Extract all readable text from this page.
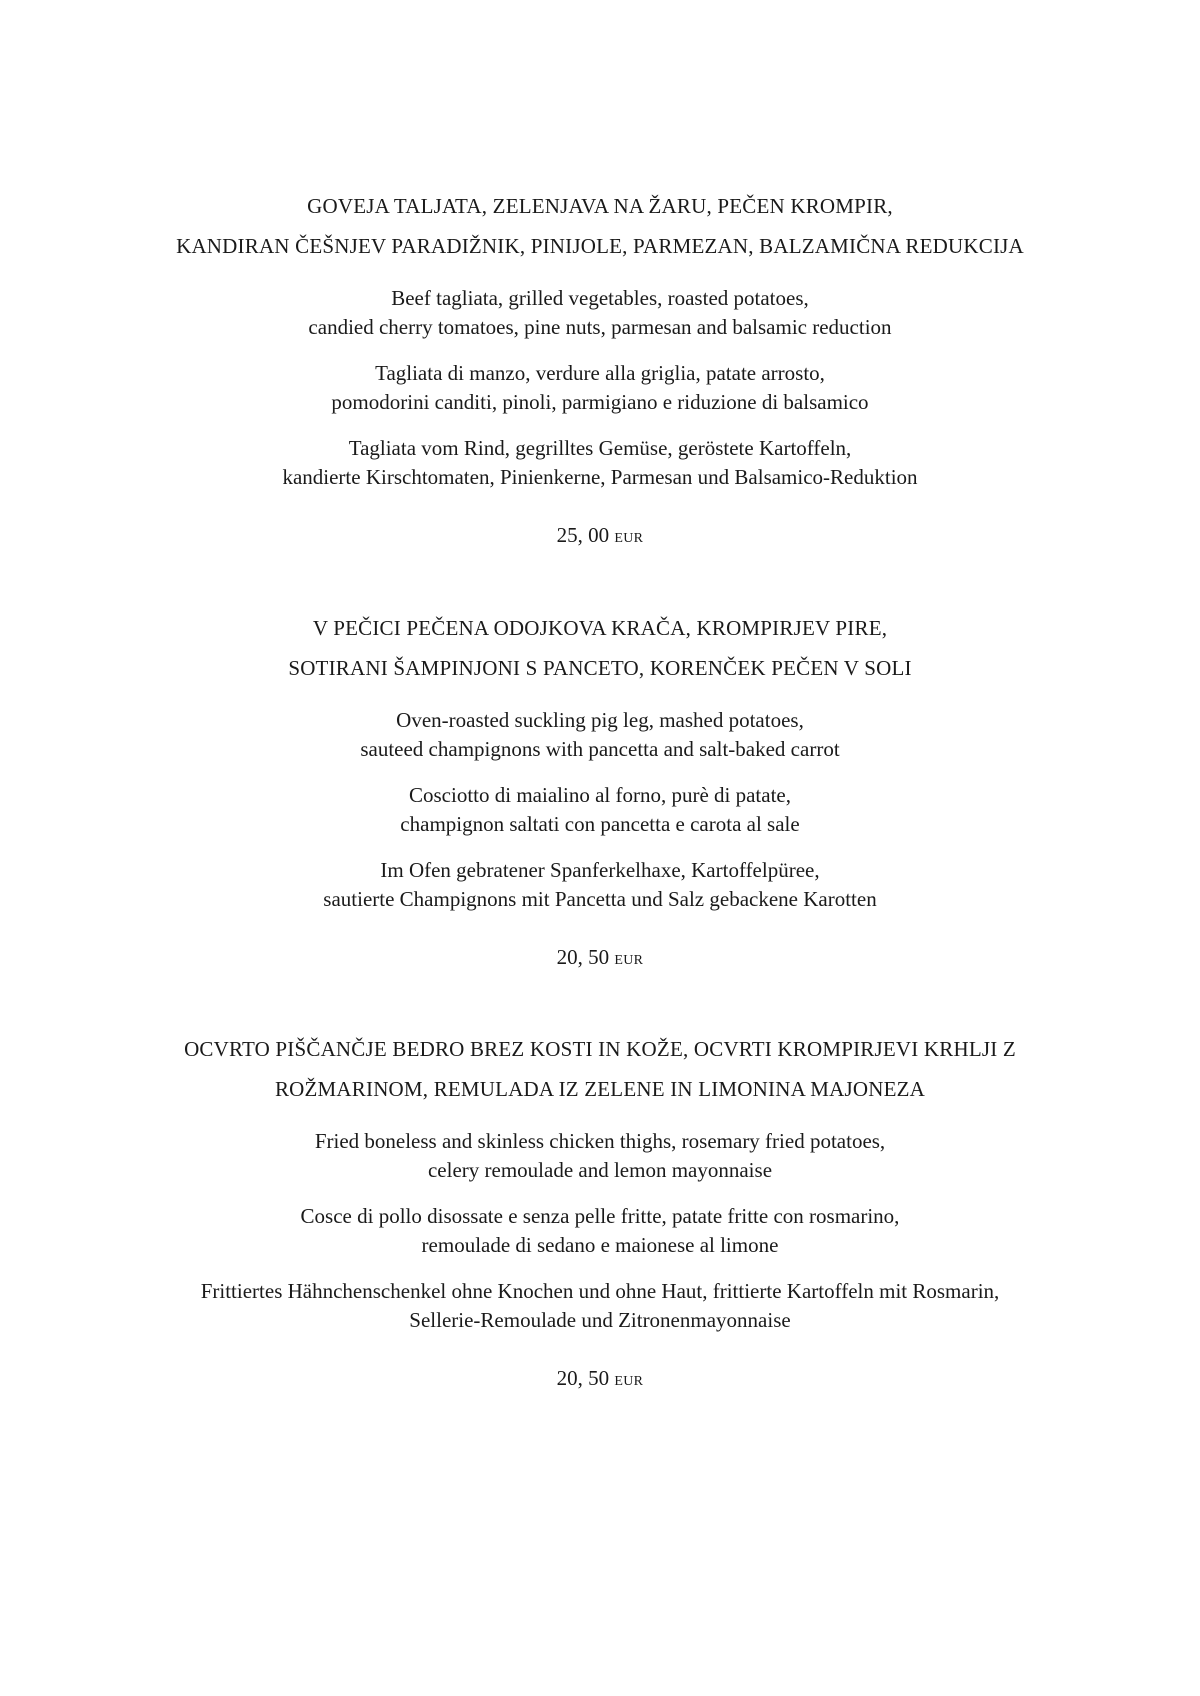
GOVEJA TALJATA, ZELENJAVA NA ŽARU, PEČEN KROMPIR,
KANDIRAN ČEŠNJEV PARADIŽNIK, PINIJOLE, PARMEZAN, BALZAMIČNA REDUKCIJA
Beef tagliata, grilled vegetables, roasted potatoes,
candied cherry tomatoes, pine nuts, parmesan and balsamic reduction
Tagliata di manzo, verdure alla griglia, patate arrosto,
pomodorini canditi, pinoli, parmigiano e riduzione di balsamico
Tagliata vom Rind, gegrilltes Gemüse, geröstete Kartoffeln,
kandierte Kirschtomaten, Pinienkerne, Parmesan und Balsamico-Reduktion
25, 00 EUR
V PEČICI PEČENA ODOJKOVA KRAČA, KROMPIRJEV PIRE,
SOTIRANI ŠAMPINJONI S PANCETO, KORENČEK PEČEN V SOLI
Oven-roasted suckling pig leg, mashed potatoes,
sauteed champignons with pancetta and salt-baked carrot
Cosciotto di maialino al forno, purè di patate,
champignon saltati con pancetta e carota al sale
Im Ofen gebratener Spanferkelhaxe, Kartoffelpüree,
sautierte Champignons mit Pancetta und Salz gebackene Karotten
20, 50 EUR
OCVRTO PIŠČANČJE BEDRO BREZ KOSTI IN KOŽE, OCVRTI KROMPIRJEVI KRHLJI Z
ROŽMARINOM, REMULADA IZ ZELENE IN LIMONINA MAJONEZA
Fried boneless and skinless chicken thighs, rosemary fried potatoes,
celery remoulade and lemon mayonnaise
Cosce di pollo disossate e senza pelle fritte, patate fritte con rosmarino,
remoulade di sedano e maionese al limone
Frittiertes Hähnchenschenkel ohne Knochen und ohne Haut, frittierte Kartoffeln mit Rosmarin,
Sellerie-Remoulade und Zitronenmayonnaise
20, 50 EUR
